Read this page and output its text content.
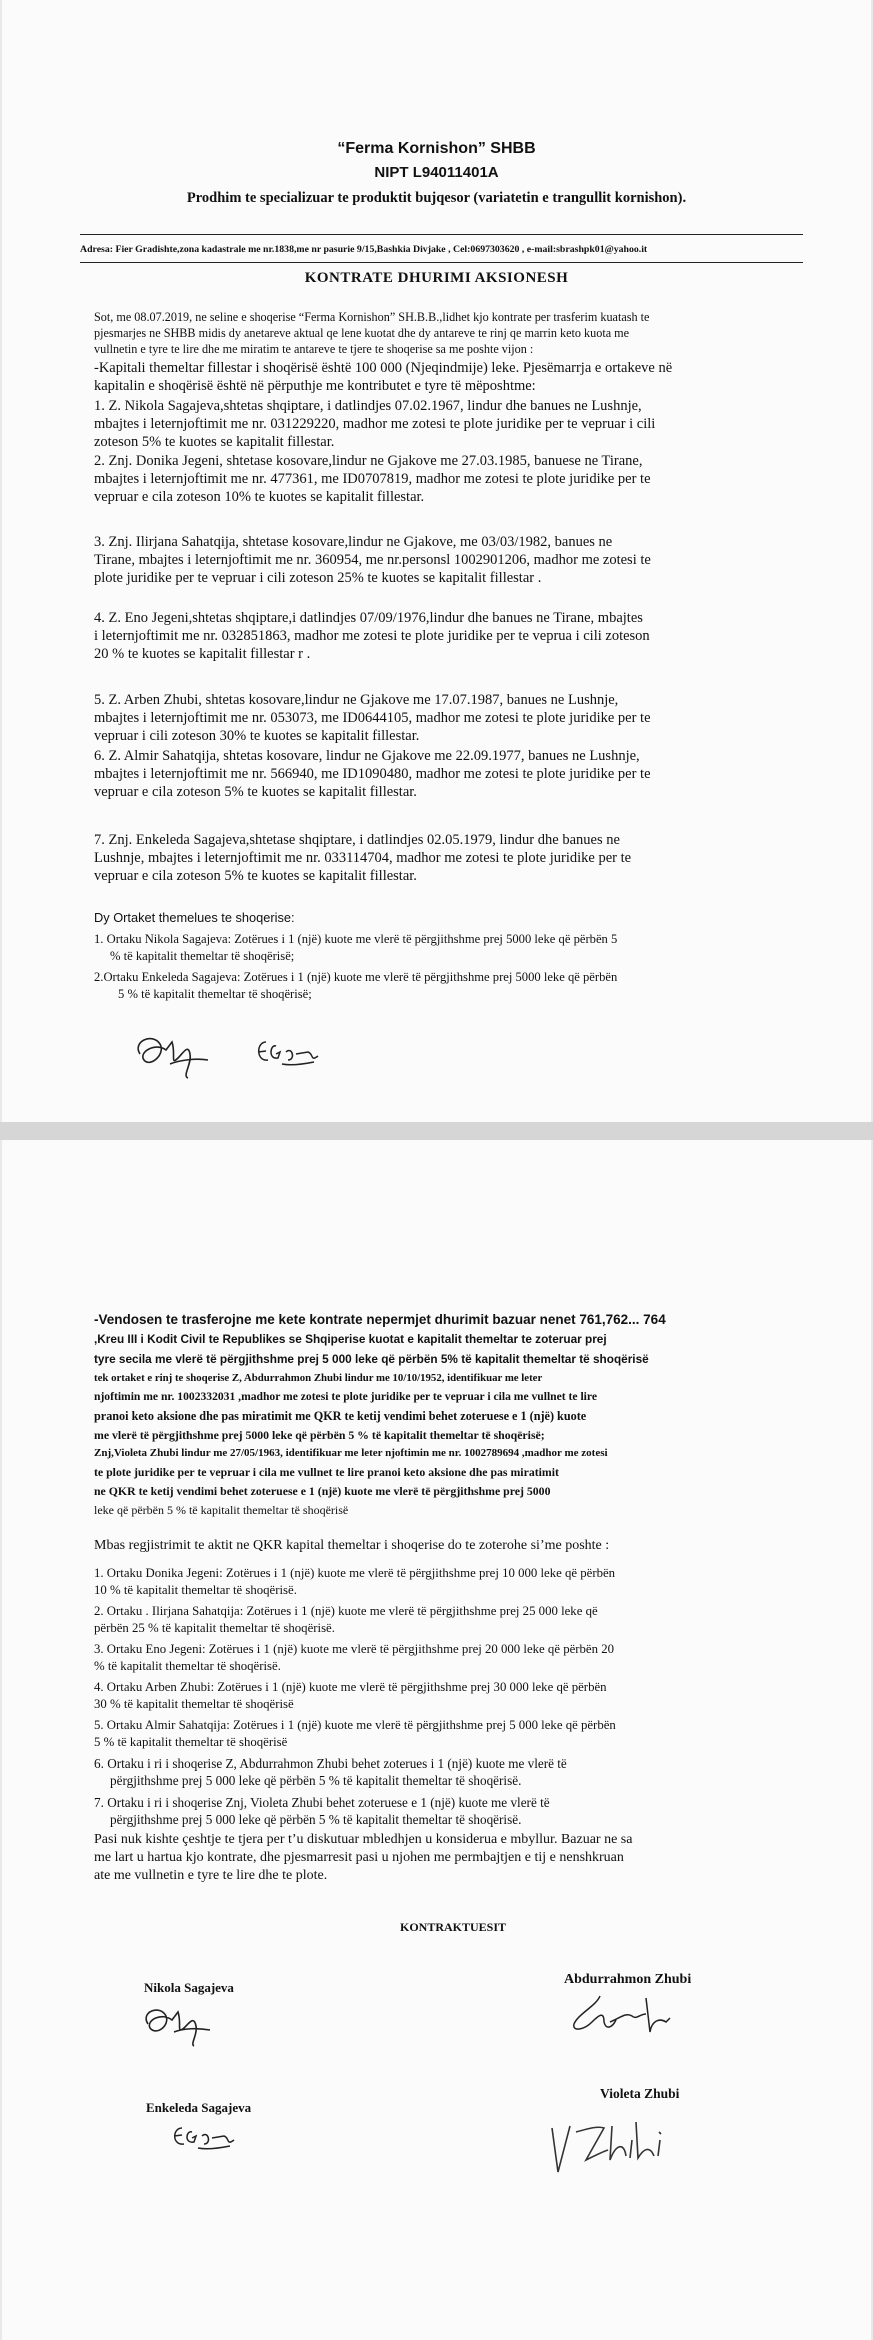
“Ferma Kornishon” SHBB

NIPT L94011401A

Prodhim te specializuar te produktit bujqesor (variatetin e trangullit kornishon).

Adresa: Fier Gradishte,zona kadastrale me nr.1838,me nr pasurie 9/15,Bashkia Divjake , Cel:0697303620 , e-mail:sbrashpk01@yahoo.it

KONTRATE DHURIMI AKSIONESH

Sot, me 08.07.2019, ne seline e shoqerise “Ferma Kornishon” SH.B.B.,lidhet kjo kontrate per trasferim kuatash te

pjesmarjes ne SHBB midis dy anetareve aktual qe lene kuotat dhe dy antareve te rinj qe marrin keto kuota me

vullnetin e tyre te lire dhe me miratim te antareve te tjere te shoqerise sa me poshte vijon :

-Kapitali themeltar fillestar i shoqërisë është 100 000 (Njeqindmije) leke. Pjesëmarrja e ortakeve në

kapitalin e shoqërisë është në përputhje me kontributet e tyre të mëposhtme:

1. Z. Nikola Sagajeva,shtetas shqiptare, i datlindjes 07.02.1967, lindur dhe banues ne Lushnje,

mbajtes i leternjoftimit me nr. 031229220, madhor me zotesi te plote juridike per te vepruar i cili

zoteson 5% te kuotes se kapitalit fillestar.

2. Znj. Donika Jegeni, shtetase kosovare,lindur ne Gjakove me 27.03.1985, banuese ne Tirane,

mbajtes i leternjoftimit me nr. 477361, me ID0707819, madhor me zotesi te plote juridike per te

vepruar e cila zoteson 10% te kuotes se kapitalit fillestar.

3. Znj. Ilirjana Sahatqija, shtetase kosovare,lindur ne Gjakove, me 03/03/1982, banues ne

Tirane, mbajtes i leternjoftimit me nr. 360954, me nr.personsl 1002901206, madhor me zotesi te

plote juridike per te vepruar i cili zoteson 25% te kuotes se kapitalit fillestar .

4. Z. Eno Jegeni,shtetas shqiptare,i datlindjes 07/09/1976,lindur dhe banues ne Tirane, mbajtes

i leternjoftimit me nr. 032851863, madhor me zotesi te plote juridike per te veprua i cili zoteson

20 % te kuotes se kapitalit fillestar r .

5. Z. Arben Zhubi, shtetas kosovare,lindur ne Gjakove me 17.07.1987, banues ne Lushnje,

mbajtes i leternjoftimit me nr. 053073, me ID0644105, madhor me zotesi te plote juridike per te

vepruar i cili zoteson 30% te kuotes se kapitalit fillestar.

6. Z. Almir Sahatqija, shtetas kosovare, lindur ne Gjakove me 22.09.1977, banues ne Lushnje,

mbajtes i leternjoftimit me nr. 566940, me ID1090480, madhor me zotesi te plote juridike per te

vepruar e cila zoteson 5% te kuotes se kapitalit fillestar.

7. Znj. Enkeleda Sagajeva,shtetase shqiptare, i datlindjes 02.05.1979, lindur dhe banues ne

Lushnje, mbajtes i leternjoftimit me nr. 033114704, madhor me zotesi te plote juridike per te

vepruar e cila zoteson 5% te kuotes se kapitalit fillestar.

Dy Ortaket themelues te shoqerise:

1. Ortaku Nikola Sagajeva: Zotërues i 1 (një) kuote me vlerë të përgjithshme prej 5000 leke që përbën 5

% të kapitalit themeltar të shoqërisë;

2.Ortaku Enkeleda Sagajeva: Zotërues i 1 (një) kuote me vlerë të përgjithshme prej 5000 leke që përbën

5 % të kapitalit themeltar të shoqërisë;

-Vendosen te trasferojne me kete kontrate nepermjet dhurimit bazuar nenet 761,762... 764

,Kreu III i Kodit Civil te Republikes se Shqiperise kuotat e kapitalit themeltar te zoteruar prej

tyre secila me vlerë të përgjithshme prej 5 000 leke që përbën 5% të kapitalit themeltar të shoqërisë

tek ortaket e rinj te shoqerise Z, Abdurrahmon Zhubi lindur me 10/10/1952, identifikuar me leter

njoftimin me nr. 1002332031 ,madhor me zotesi te plote juridike per te vepruar i cila me vullnet te lire

pranoi keto aksione dhe pas miratimit me QKR te ketij vendimi behet zoteruese e 1 (një) kuote

me vlerë të përgjithshme prej 5000 leke që përbën 5 % të kapitalit themeltar të shoqërisë;

Znj,Violeta Zhubi lindur me 27/05/1963, identifikuar me leter njoftimin me nr. 1002789694 ,madhor me zotesi

te plote juridike per te vepruar i cila me vullnet te lire pranoi keto aksione dhe pas miratimit

ne QKR te ketij vendimi behet zoteruese e 1 (një) kuote me vlerë të përgjithshme prej 5000

leke që përbën 5 % të kapitalit themeltar të shoqërisë

Mbas regjistrimit te aktit ne QKR kapital themeltar i shoqerise do te zoterohe si’me poshte :

1. Ortaku Donika Jegeni: Zotërues i 1 (një) kuote me vlerë të përgjithshme prej 10 000 leke që përbën

10 % të kapitalit themeltar të shoqërisë.

2. Ortaku . Ilirjana Sahatqija: Zotërues i 1 (një) kuote me vlerë të përgjithshme prej 25 000 leke që

përbën 25 % të kapitalit themeltar të shoqërisë.

3. Ortaku Eno Jegeni: Zotërues i 1 (një) kuote me vlerë të përgjithshme prej 20 000 leke që përbën 20

% të kapitalit themeltar të shoqërisë.

4. Ortaku Arben Zhubi: Zotërues i 1 (një) kuote me vlerë të përgjithshme prej 30 000 leke që përbën

30 % të kapitalit themeltar të shoqërisë

5. Ortaku Almir Sahatqija: Zotërues i 1 (një) kuote me vlerë të përgjithshme prej 5 000 leke që përbën

5 % të kapitalit themeltar të shoqërisë

6. Ortaku i ri i shoqerise Z, Abdurrahmon Zhubi behet zoterues i 1 (një) kuote me vlerë të

përgjithshme prej 5 000 leke që përbën 5 % të kapitalit themeltar të shoqërisë.

7. Ortaku i ri i shoqerise Znj, Violeta Zhubi behet zoteruese e 1 (një) kuote me vlerë të

përgjithshme prej 5 000 leke që përbën 5 % të kapitalit themeltar të shoqërisë.

Pasi nuk kishte çeshtje te tjera per t’u diskutuar mbledhjen u konsiderua e mbyllur. Bazuar ne sa

me lart u hartua kjo kontrate, dhe pjesmarresit pasi u njohen me permbajtjen e tij e nenshkruan

ate me vullnetin e tyre te lire dhe te plote.

KONTRAKTUESIT

Nikola Sagajeva

Abdurrahmon Zhubi

Enkeleda Sagajeva

Violeta Zhubi
